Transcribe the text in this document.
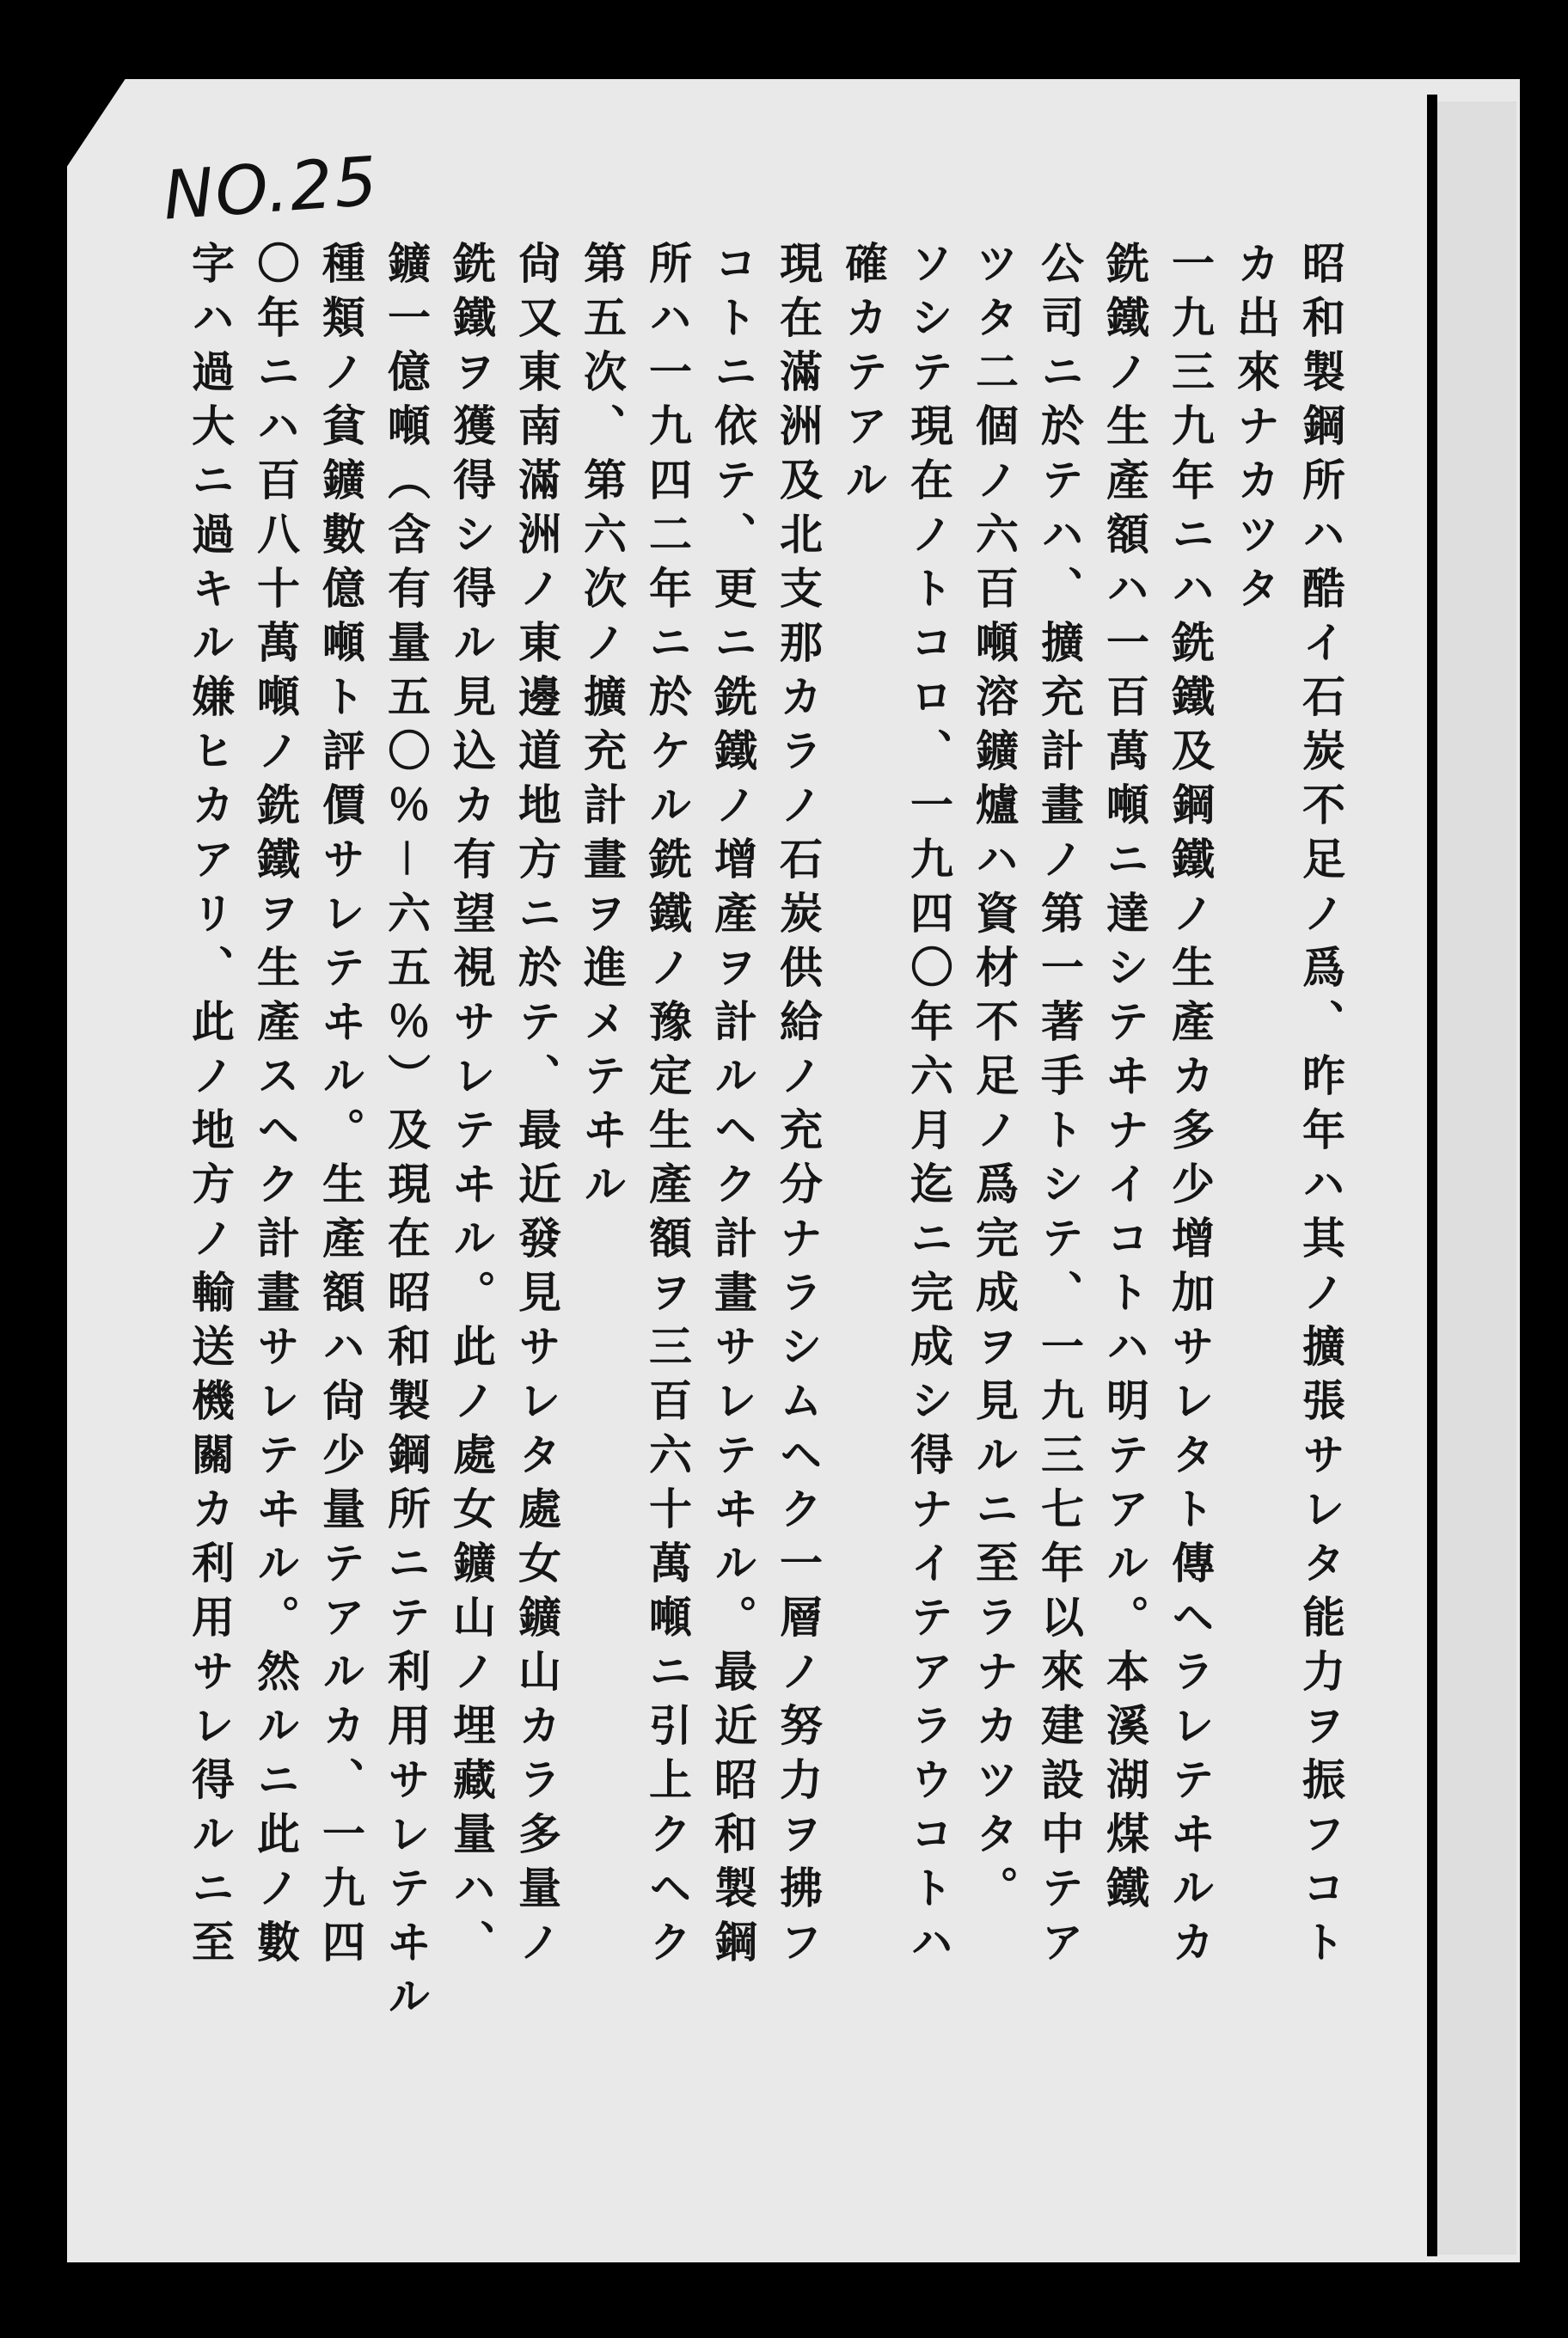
NO.25
昭和製鋼所ハ酷イ石炭不足ノ爲、昨年ハ其ノ擴張サレタ能力ヲ振フコト
カ出來ナカツタ
一九三九年ニハ銑鐵及鋼鐵ノ生產カ多少增加サレタト傳ヘラレテヰルカ
銑鐵ノ生產額ハ一百萬噸ニ達シテヰナイコトハ明テアル。本溪湖煤鐵
公司ニ於テハ、擴充計畫ノ第一著手トシテ、一九三七年以來建設中テア
ツタ二個ノ六百噸溶鑛爐ハ資材不足ノ爲完成ヲ見ルニ至ラナカツタ。
ソシテ現在ノトコロ、一九四〇年六月迄ニ完成シ得ナイテアラウコトハ
確カテアル
現在滿洲及北支那カラノ石炭供給ノ充分ナラシムヘク一層ノ努力ヲ拂フ
コトニ依テ、更ニ銑鐵ノ增產ヲ計ルヘク計畫サレテヰル。最近昭和製鋼
所ハ一九四二年ニ於ケル銑鐵ノ豫定生產額ヲ三百六十萬噸ニ引上クヘク
第五次、第六次ノ擴充計畫ヲ進メテヰル
尙又東南滿洲ノ東邊道地方ニ於テ、最近發見サレタ處女鑛山カラ多量ノ
銑鐵ヲ獲得シ得ル見込カ有望視サレテヰル。此ノ處女鑛山ノ埋藏量ハ、
鑛一億噸（含有量五〇％－六五％）及現在昭和製鋼所ニテ利用サレテヰル
種類ノ貧鑛數億噸ト評價サレテヰル。生產額ハ尙少量テアルカ、一九四
〇年ニハ百八十萬噸ノ銑鐵ヲ生產スヘク計畫サレテヰル。然ルニ此ノ數
字ハ過大ニ過キル嫌ヒカアリ、此ノ地方ノ輸送機關カ利用サレ得ルニ至
